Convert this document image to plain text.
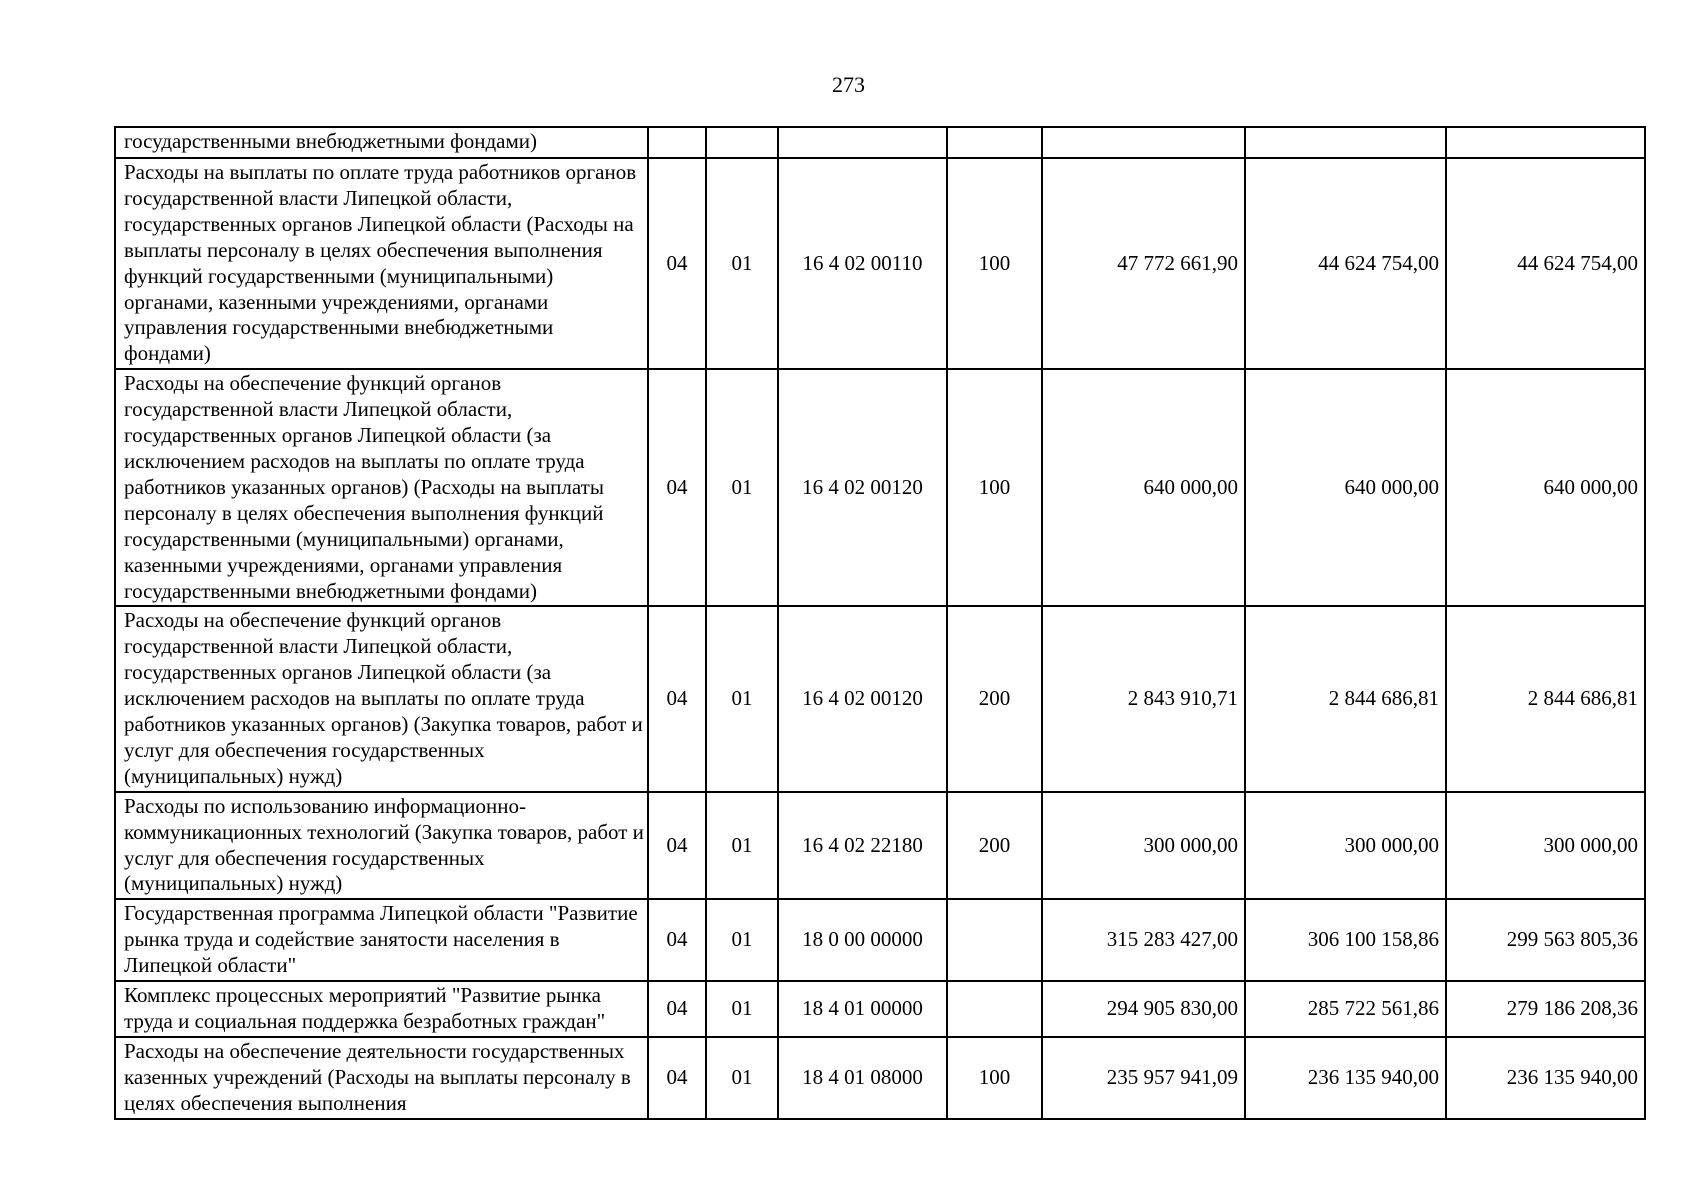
273
государственными внебюджетными фондами)							
Расходы на выплаты по оплате труда работников органов государственной власти Липецкой области, государственных органов Липецкой области (Расходы на выплаты персоналу в целях обеспечения выполнения функций государственными (муниципальными) органами, казенными учреждениями, органами управления государственными внебюджетными фондами)	04	01	16 4 02 00110	100	47 772 661,90	44 624 754,00	44 624 754,00
Расходы на обеспечение функций органов государственной власти Липецкой области, государственных органов Липецкой области (за исключением расходов на выплаты по оплате труда работников указанных органов) (Расходы на выплаты персоналу в целях обеспечения выполнения функций государственными (муниципальными) органами, казенными учреждениями, органами управления государственными внебюджетными фондами)	04	01	16 4 02 00120	100	640 000,00	640 000,00	640 000,00
Расходы на обеспечение функций органов государственной власти Липецкой области, государственных органов Липецкой области (за исключением расходов на выплаты по оплате труда работников указанных органов) (Закупка товаров, работ и услуг для обеспечения государственных (муниципальных) нужд)	04	01	16 4 02 00120	200	2 843 910,71	2 844 686,81	2 844 686,81
Расходы по использованию информационно-коммуникационных технологий (Закупка товаров, работ и услуг для обеспечения государственных (муниципальных) нужд)	04	01	16 4 02 22180	200	300 000,00	300 000,00	300 000,00
Государственная программа Липецкой области "Развитие рынка труда и содействие занятости населения в Липецкой области"	04	01	18 0 00 00000		315 283 427,00	306 100 158,86	299 563 805,36
Комплекс процессных мероприятий "Развитие рынка труда и социальная поддержка безработных граждан"	04	01	18 4 01 00000		294 905 830,00	285 722 561,86	279 186 208,36
Расходы на обеспечение деятельности государственных казенных учреждений (Расходы на выплаты персоналу в целях обеспечения выполнения	04	01	18 4 01 08000	100	235 957 941,09	236 135 940,00	236 135 940,00
